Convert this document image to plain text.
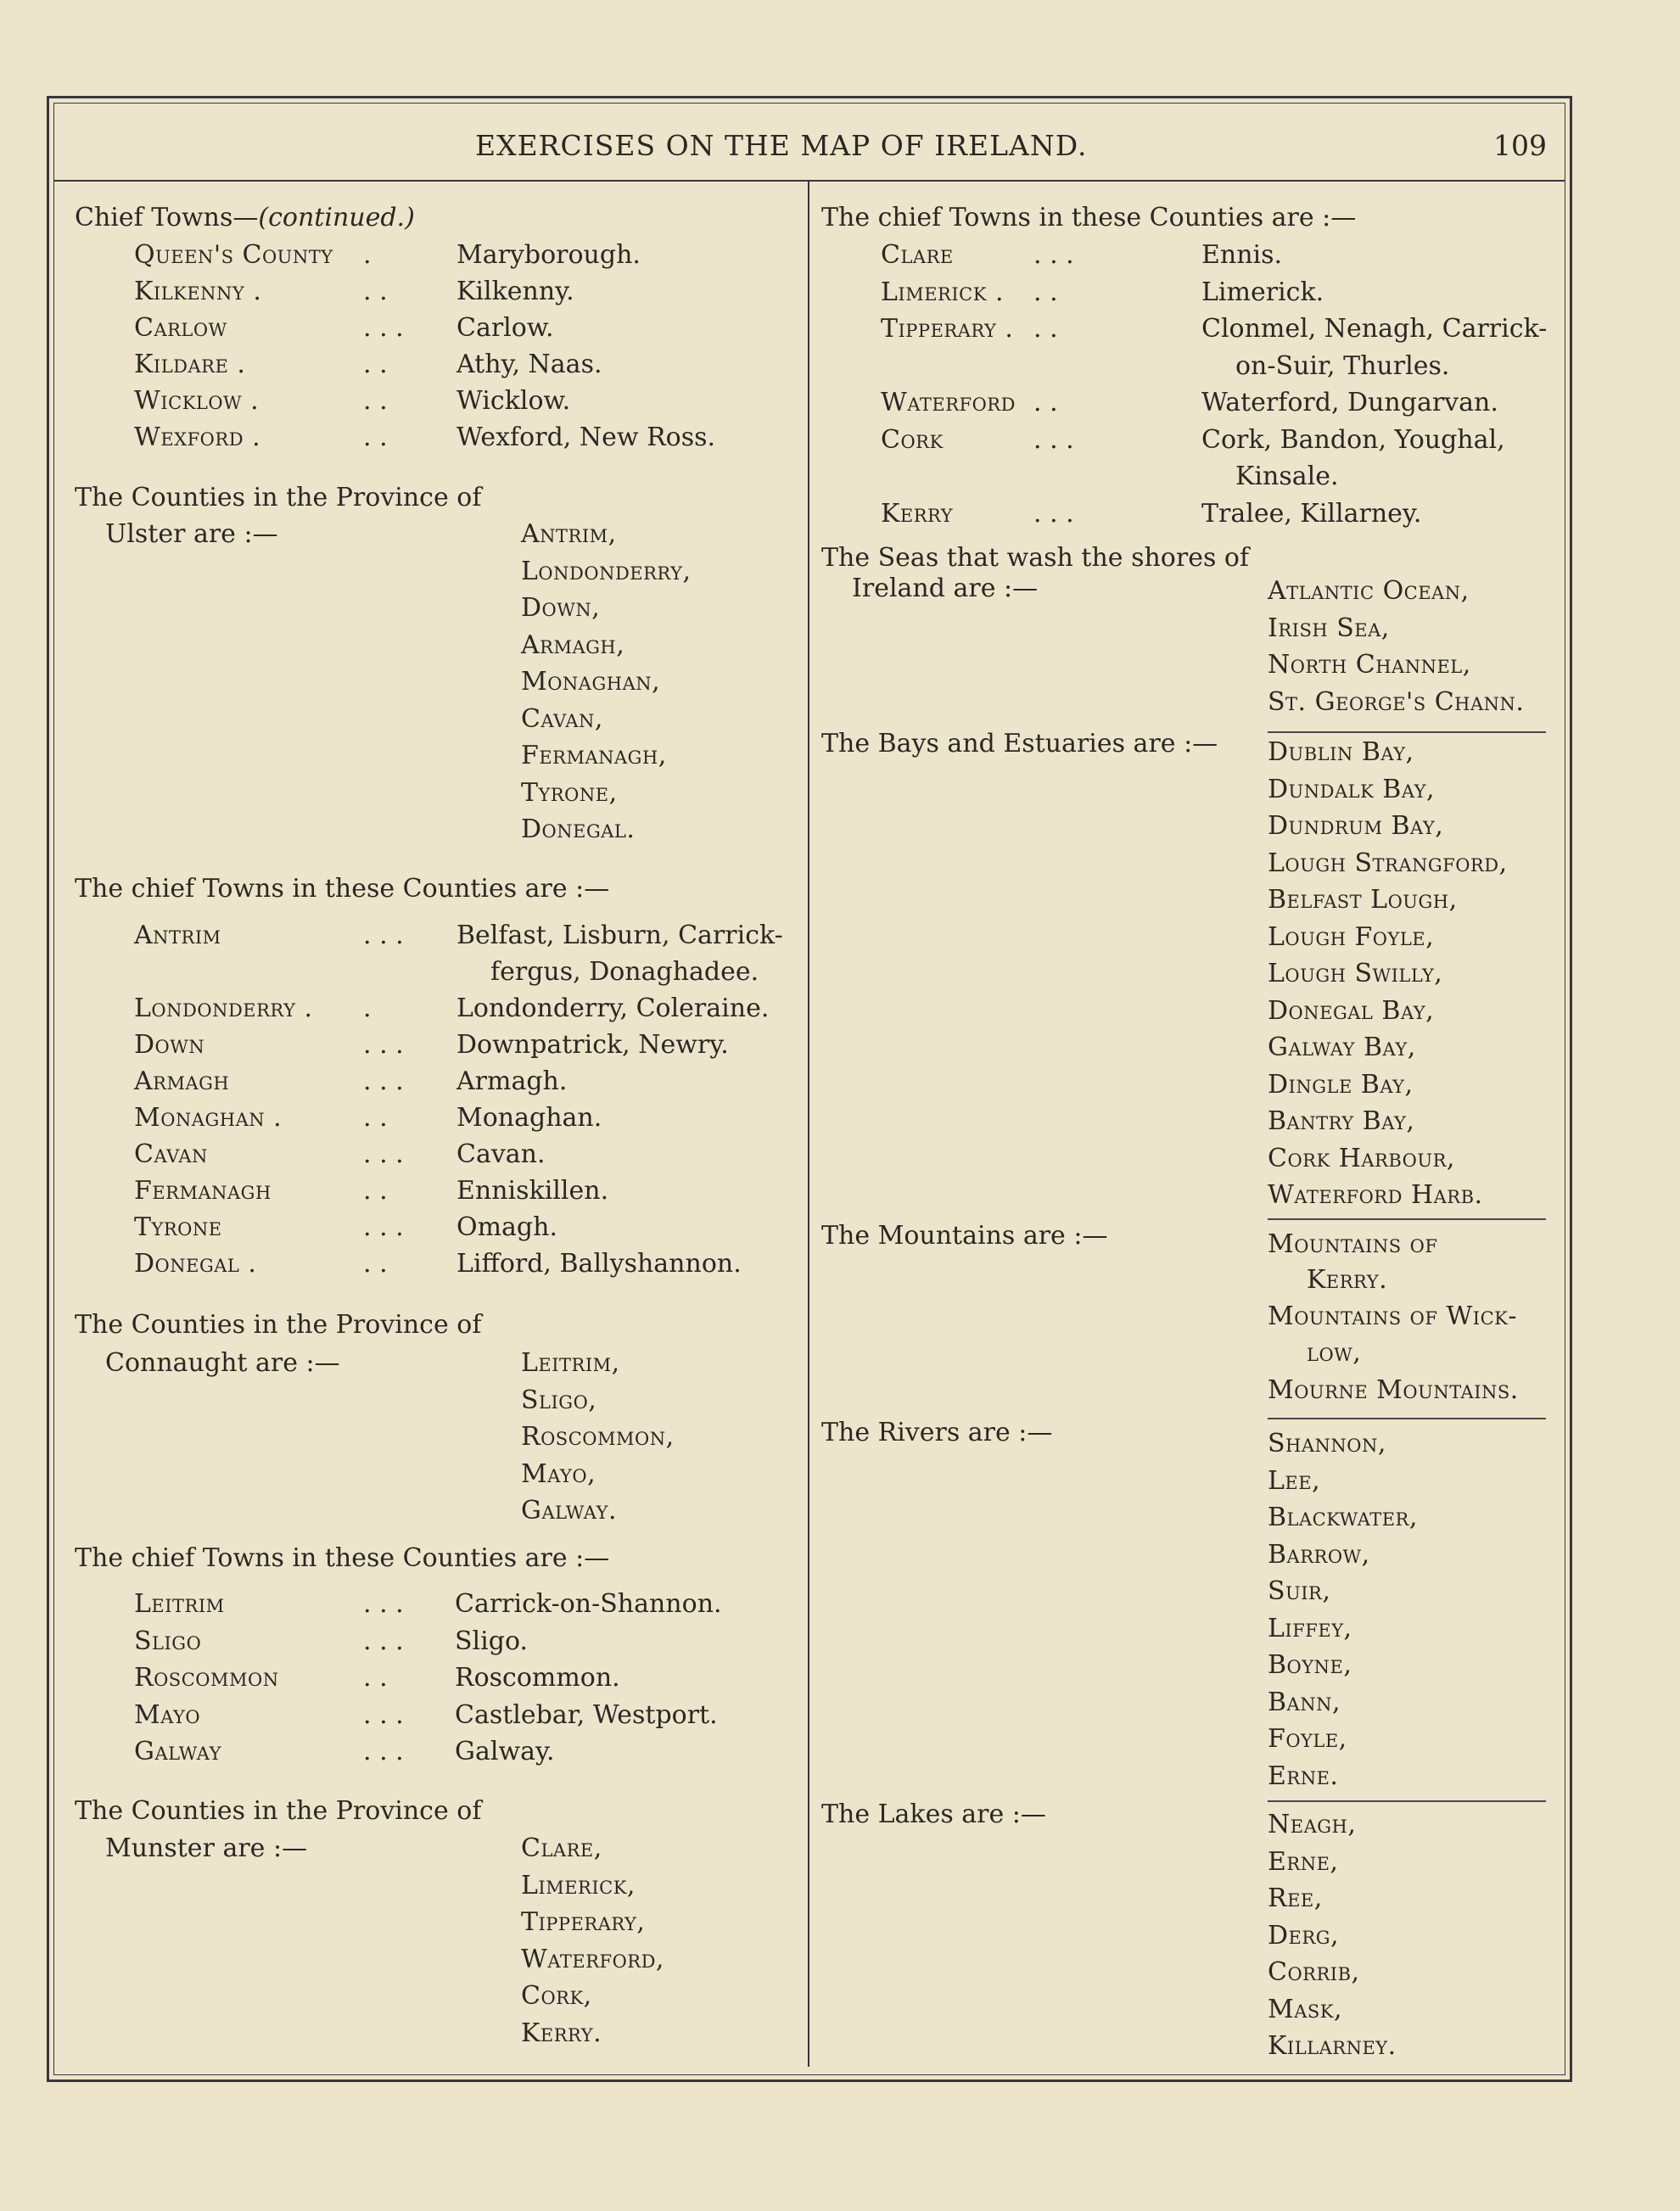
EXERCISES ON THE MAP OF IRELAND.	109
Chief Towns—(continued.)
Queen's County .	Maryborough.
Kilkenny .	. .	Kilkenny.
Carlow	. . . Carlow.
Kildare .	. .	Athy, Naas.
Wicklow .	. .	Wicklow.
Wexford .	. .	Wexford, New Ross.
The Counties in the Province of
Ulster are :—	Antrim,
Londonderry,
Down,
Armagh,
Monaghan,
Cavan,
Fermanagh,
Tyrone,
Donegal.
The chief Towns in these Counties are :—
Antrim	. . . Belfast, Lisburn, Carrick-
fergus, Donaghadee.
Londonderry . .	Londonderry, Coleraine.
Down	. . . Downpatrick, Newry.
Armagh	. . . Armagh.
Monaghan .	. .	Monaghan.
Cavan	. . . Cavan.
Fermanagh	. .	Enniskillen.
Tyrone	. . . Omagh.
Donegal .	. .	Lifford, Ballyshannon.
The Counties in the Province of
Connaught are :—	Leitrim,
Sligo,
Roscommon,
Mayo,
Galway.
The chief Towns in these Counties are :—
Leitrim	. . . Carrick-on-Shannon.
Sligo	. . . Sligo.
Roscommon	. .	Roscommon.
Mayo	. . . Castlebar, Westport.
Galway	. . . Galway.
The Counties in the Province of
Munster are :—	Clare,
Limerick,
Tipperary,
Waterford,
Cork,
Kerry.
The chief Towns in these Counties are :—
Clare	. . .	Ennis.
Limerick . . .	Limerick.
Tipperary . . .	Clonmel, Nenagh, Carrick-
on-Suir, Thurles.
Waterford . .	Waterford, Dungarvan.
Cork	. . .	Cork, Bandon, Youghal,
Kinsale.
Kerry	. . .	Tralee, Killarney.
The Seas that wash the shores of
Ireland are :—	Atlantic Ocean,
Irish Sea,
North Channel,
St. George's Chann.
The Bays and Estuaries are :— Dublin Bay,
Dundalk Bay,
Dundrum Bay,
Lough Strangford,
Belfast Lough,
Lough Foyle,
Lough Swilly,
Donegal Bay,
Galway Bay,
Dingle Bay,
Bantry Bay,
Cork Harbour,
Waterford Harb.
The Mountains are :—	Mountains of
Kerry.
Mountains of Wick-
low,
Mourne Mountains.
The Rivers are :—	Shannon,
Lee,
Blackwater,
Barrow,
Suir,
Liffey,
Boyne,
Bann,
Foyle,
Erne.
The Lakes are :—	Neagh,
Erne,
Ree,
Derg,
Corrib,
Mask,
Killarney.
